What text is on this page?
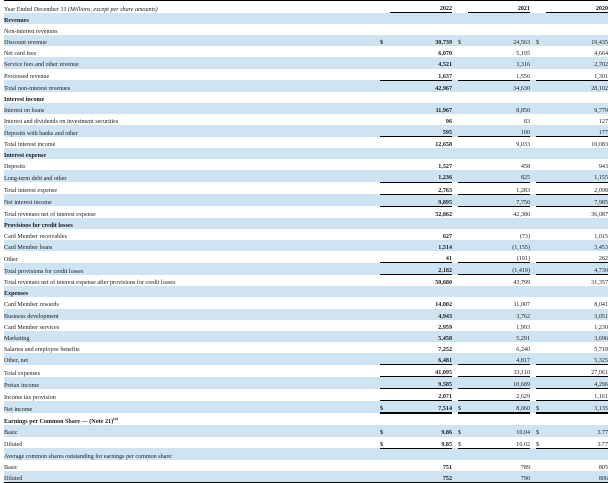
Year Ended December 31 (Millions, except per share amounts)		2022			2021			2020
Revenues								
Non-interest revenues								
Discount revenue	$	30,739		$	24,563		$	19,435
Net card fees		6,070			5,195			4,664
Service fees and other revenue		4,521			3,316			2,702
Processed revenue		1,637			1,556			1,301
Total non-interest revenues		42,967			34,630			28,102
Interest income								
Interest on loans		11,967			8,850			9,779
Interest and dividends on investment securities		96			83			127
Deposits with banks and other		595			100			177
Total interest income		12,658			9,033			10,083
Interest expense								
Deposits		1,527			458			943
Long-term debt and other		1,236			825			1,155
Total interest expense		2,763			1,283			2,098
Net interest income		9,895			7,750			7,985
Total revenues net of interest expense		52,862			42,380			36,087
Provisions for credit losses								
Card Member receivables		627			(73)			1,015
Card Member loans		1,514			(1,155)			3,453
Other		41			(191)			262
Total provisions for credit losses		2,182			(1,419)			4,730
Total revenues net of interest expense after provisions for credit losses		50,680			43,799			31,357
Expenses								
Card Member rewards		14,002			11,007			8,041
Business development		4,943			3,762			3,051
Card Member services		2,959			1,993			1,230
Marketing		5,458			5,291			3,696
Salaries and employee benefits		7,252			6,240			5,718
Other, net		6,481			4,817			5,325
Total expenses		41,095			33,110			27,061
Pretax income		9,585			10,689			4,296
Income tax provision		2,071			2,629			1,161
Net income	$	7,514		$	8,060		$	3,135
Earnings per Common Share — (Note 21)$^{(a)}$								
Basic	$	9.86		$	10.04		$	3.77
Diluted	$	9.85		$	10.02		$	3.77
Average common shares outstanding for earnings per common share:								
Basic		751			789			805
Diluted		752			790			806
